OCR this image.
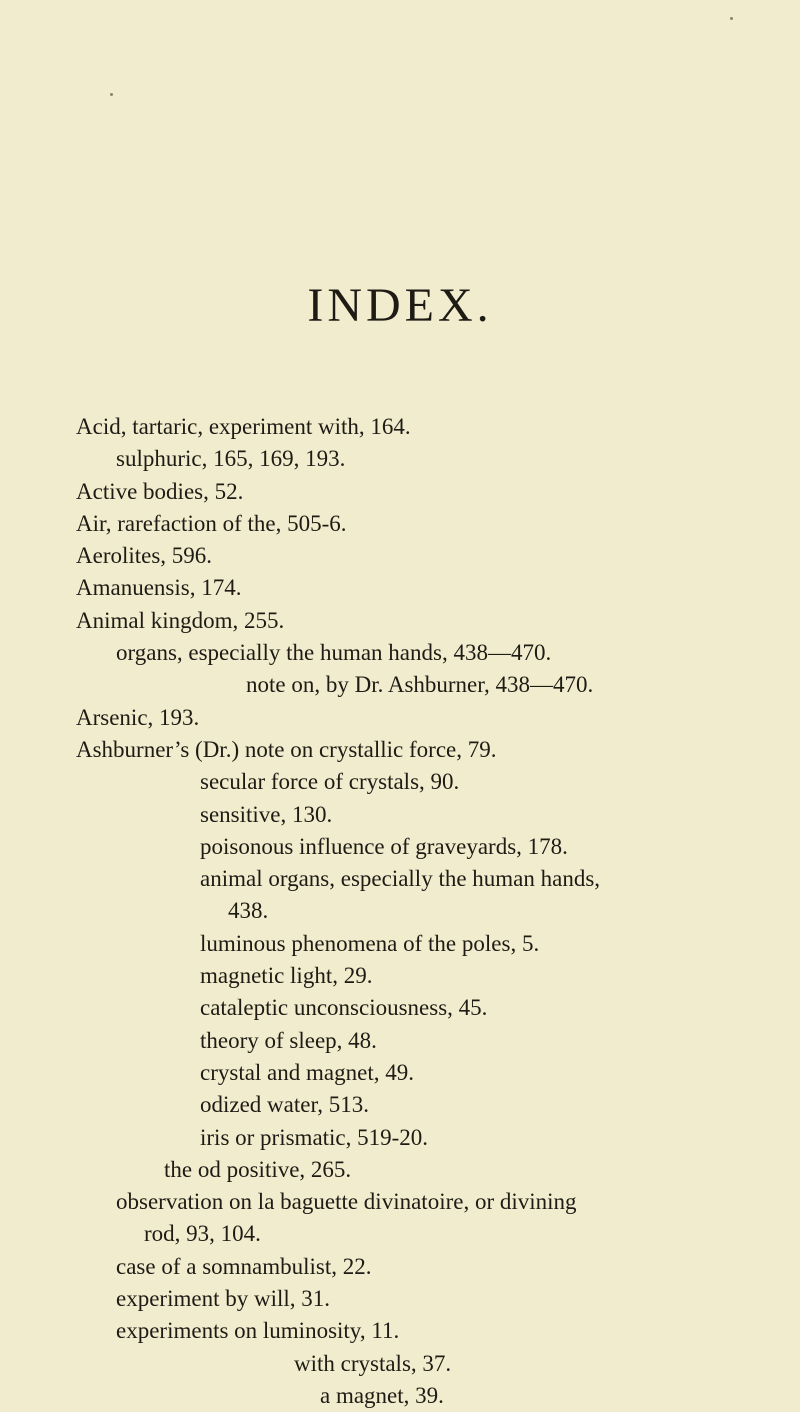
INDEX.
Acid, tartaric, experiment with, 164.
sulphuric, 165, 169, 193.
Active bodies, 52.
Air, rarefaction of the, 505-6.
Aerolites, 596.
Amanuensis, 174.
Animal kingdom, 255.
organs, especially the human hands, 438—470.
note on, by Dr. Ashburner, 438—470.
Arsenic, 193.
Ashburner’s (Dr.) note on crystallic force, 79.
secular force of crystals, 90.
sensitive, 130.
poisonous influence of graveyards, 178.
animal organs, especially the human hands,
438.
luminous phenomena of the poles, 5.
magnetic light, 29.
cataleptic unconsciousness, 45.
theory of sleep, 48.
crystal and magnet, 49.
odized water, 513.
iris or prismatic, 519-20.
the od positive, 265.
observation on la baguette divinatoire, or divining
rod, 93, 104.
case of a somnambulist, 22.
experiment by will, 31.
experiments on luminosity, 11.
with crystals, 37.
a magnet, 39.
